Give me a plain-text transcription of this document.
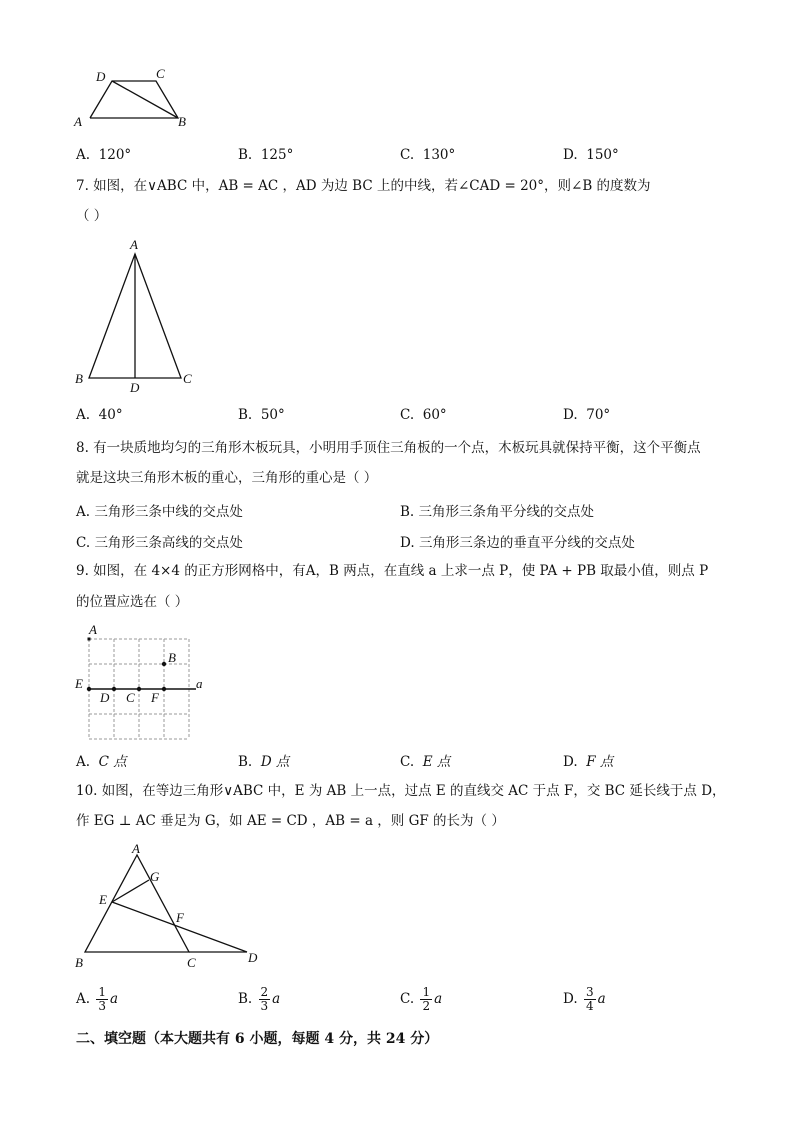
D	C
A	B
A. 120°	B. 125°	C. 130°	D. 150°
7. 如图，在∨ABC 中，AB = AC ，AD 为边 BC 上的中线，若∠CAD = 20°，则∠B 的度数为
（ ）
A
B	C
D
A. 40°	B. 50°	C. 60°	D. 70°
8. 有一块质地均匀的三角形木板玩具，小明用手顶住三角板的一个点，木板玩具就保持平衡，这个平衡点
就是这块三角形木板的重心，三角形的重心是（ ）
A. 三角形三条中线的交点处	B. 三角形三条角平分线的交点处
C. 三角形三条高线的交点处	D. 三角形三条边的垂直平分线的交点处
9. 如图，在 4×4 的正方形网格中，有A，B 两点，在直线 a 上求一点 P，使 PA + PB 取最小值，则点 P
的位置应选在（ ）
A
B
E	a
D C F
A. C 点	B. D 点	C. E 点	D. F 点
10. 如图，在等边三角形∨ABC 中，E 为 AB 上一点，过点 E 的直线交 AC 于点 F，交 BC 延长线于点 D，
作 EG ⊥ AC 垂足为 G，如 AE = CD ，AB = a ，则 GF 的长为（ ）
A
G
E
F
B	C	D
A. $\frac{1}{3}$ a	B. $\frac{2}{3}$ a	C. $\frac{1}{2}$ a	D. $\frac{3}{4}$ a
二、填空题（本大题共有 6 小题，每题 4 分，共 24 分）
